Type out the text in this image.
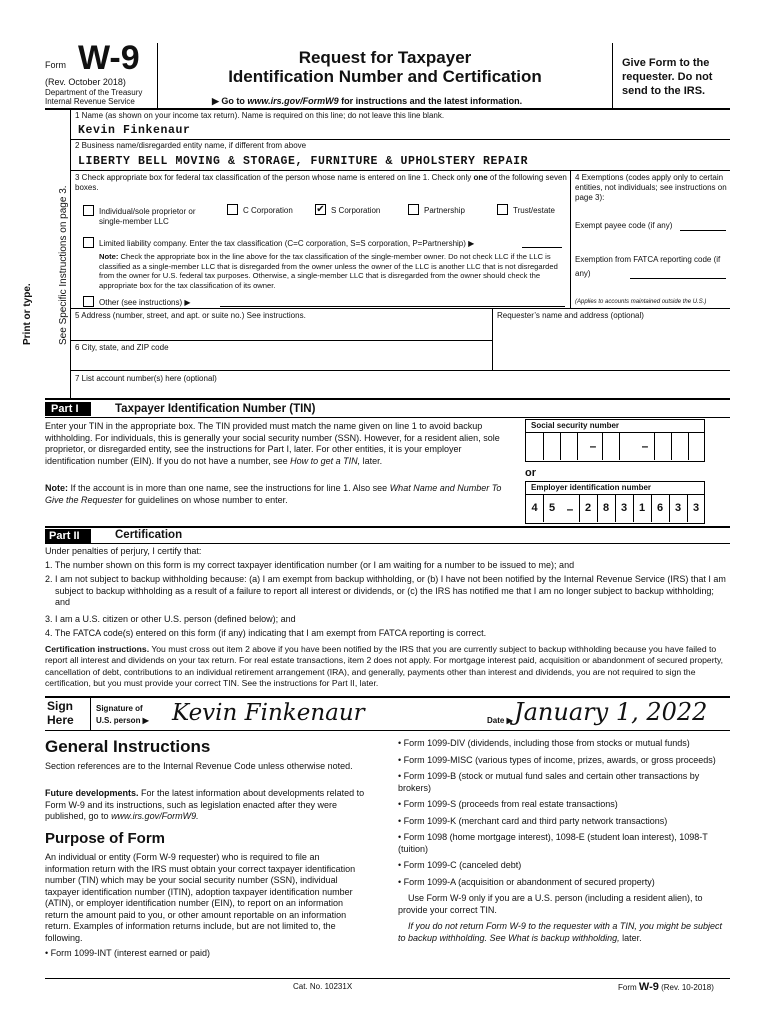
Form W-9
(Rev. October 2018)
Department of the Treasury
Internal Revenue Service
Request for Taxpayer
Identification Number and Certification
▶ Go to www.irs.gov/FormW9 for instructions and the latest information.
Give Form to the requester. Do not send to the IRS.
Print or type.	See Specific Instructions on page 3.
1 Name (as shown on your income tax return). Name is required on this line; do not leave this line blank.
Kevin Finkenaur
2 Business name/disregarded entity name, if different from above
LIBERTY BELL MOVING & STORAGE, FURNITURE & UPHOLSTERY REPAIR
3 Check appropriate box for federal tax classification of the person whose name is entered on line 1. Check only one of the following seven boxes.
Individual/sole proprietor or single-member LLC
C Corporation ✔ S Corporation	Partnership	Trust/estate
Limited liability company. Enter the tax classification (C=C corporation, S=S corporation, P=Partnership) ▶
Note: Check the appropriate box in the line above for the tax classification of the single-member owner. Do not check LLC if the LLC is classified as a single-member LLC that is disregarded from the owner unless the owner of the LLC is another LLC that is not disregarded from the owner for U.S. federal tax purposes. Otherwise, a single-member LLC that is disregarded from the owner should check the appropriate box for the tax classification of its owner.
Other (see instructions) ▶
4 Exemptions (codes apply only to certain entities, not individuals; see instructions on page 3):
Exempt payee code (if any)
Exemption from FATCA reporting code (if any)
(Applies to accounts maintained outside the U.S.)
5 Address (number, street, and apt. or suite no.) See instructions.	Requester’s name and address (optional)
6 City, state, and ZIP code
7 List account number(s) here (optional)
Part I	Taxpayer Identification Number (TIN)
Enter your TIN in the appropriate box. The TIN provided must match the name given on line 1 to avoid backup withholding. For individuals, this is generally your social security number (SSN). However, for a resident alien, sole proprietor, or disregarded entity, see the instructions for Part I, later. For other entities, it is your employer identification number (EIN). If you do not have a number, see How to get a TIN, later.
Note: If the account is in more than one name, see the instructions for line 1. Also see What Name and Number To Give the Requester for guidelines on whose number to enter.
Social security number
–	–
or
Employer identification number
4	5 –	2	8	3	1	6	3	3
Part II	Certification
Under penalties of perjury, I certify that:
1. The number shown on this form is my correct taxpayer identification number (or I am waiting for a number to be issued to me); and
2. I am not subject to backup withholding because: (a) I am exempt from backup withholding, or (b) I have not been notified by the Internal Revenue Service (IRS) that I am subject to backup withholding as a result of a failure to report all interest or dividends, or (c) the IRS has notified me that I am no longer subject to backup withholding; and
3. I am a U.S. citizen or other U.S. person (defined below); and
4. The FATCA code(s) entered on this form (if any) indicating that I am exempt from FATCA reporting is correct.
Certification instructions. You must cross out item 2 above if you have been notified by the IRS that you are currently subject to backup withholding because you have failed to report all interest and dividends on your tax return. For real estate transactions, item 2 does not apply. For mortgage interest paid, acquisition or abandonment of secured property, cancellation of debt, contributions to an individual retirement arrangement (IRA), and generally, payments other than interest and dividends, you are not required to sign the certification, but you must provide your correct TIN. See the instructions for Part II, later.
Sign
Here
Signature of
U.S. person ▶ Kevin Finkenaur	Date ▶ January 1, 2022
General Instructions
Section references are to the Internal Revenue Code unless otherwise noted.
Future developments. For the latest information about developments related to Form W-9 and its instructions, such as legislation enacted after they were published, go to www.irs.gov/FormW9.
Purpose of Form
An individual or entity (Form W-9 requester) who is required to file an information return with the IRS must obtain your correct taxpayer identification number (TIN) which may be your social security number (SSN), individual taxpayer identification number (ITIN), adoption taxpayer identification number (ATIN), or employer identification number (EIN), to report on an information return the amount paid to you, or other amount reportable on an information return. Examples of information returns include, but are not limited to, the following.
• Form 1099-INT (interest earned or paid)
• Form 1099-DIV (dividends, including those from stocks or mutual funds)
• Form 1099-MISC (various types of income, prizes, awards, or gross proceeds)
• Form 1099-B (stock or mutual fund sales and certain other transactions by brokers)
• Form 1099-S (proceeds from real estate transactions)
• Form 1099-K (merchant card and third party network transactions)
• Form 1098 (home mortgage interest), 1098-E (student loan interest), 1098-T (tuition)
• Form 1099-C (canceled debt)
• Form 1099-A (acquisition or abandonment of secured property)

Use Form W-9 only if you are a U.S. person (including a resident alien), to provide your correct TIN.

If you do not return Form W-9 to the requester with a TIN, you might be subject to backup withholding. See What is backup withholding, later.

Cat. No. 10231X	Form W-9 (Rev. 10-2018)
